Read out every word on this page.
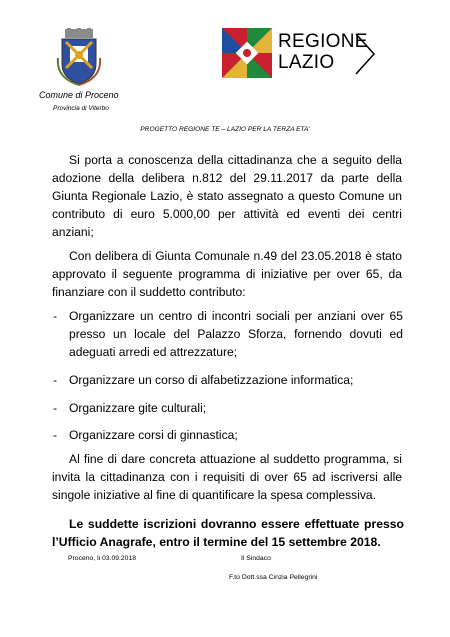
Comune di Proceno
Provincia di Viterbo
PROGETTO REGIONE TE – LAZIO PER LA TERZA ETA'
REGIONE
LAZIO
Si porta a conoscenza della cittadinanza che a seguito della adozione della delibera n.812 del 29.11.2017 da parte della Giunta Regionale Lazio, è stato assegnato a questo Comune un contributo di euro 5.000,00 per attività ed eventi dei centri anziani;
Con delibera di Giunta Comunale n.49 del 23.05.2018 è stato approvato il seguente programma di iniziative per over 65, da finanziare con il suddetto contributo:
- Organizzare un centro di incontri sociali per anziani over 65 presso un locale del Palazzo Sforza, fornendo dovuti ed adeguati arredi ed attrezzature;
- Organizzare un corso di alfabetizzazione informatica;
- Organizzare gite culturali;
- Organizzare corsi di ginnastica;
Al fine di dare concreta attuazione al suddetto programma, si invita la cittadinanza con i requisiti di over 65 ad iscriversi alle singole iniziative al fine di quantificare la spesa complessiva.
Le suddette iscrizioni dovranno essere effettuate presso l’Ufficio Anagrafe, entro il termine del 15 settembre 2018.
Proceno, li 03.09.2018	Il Sindaco
F.to Dott.ssa Cinzia Pellegrini
